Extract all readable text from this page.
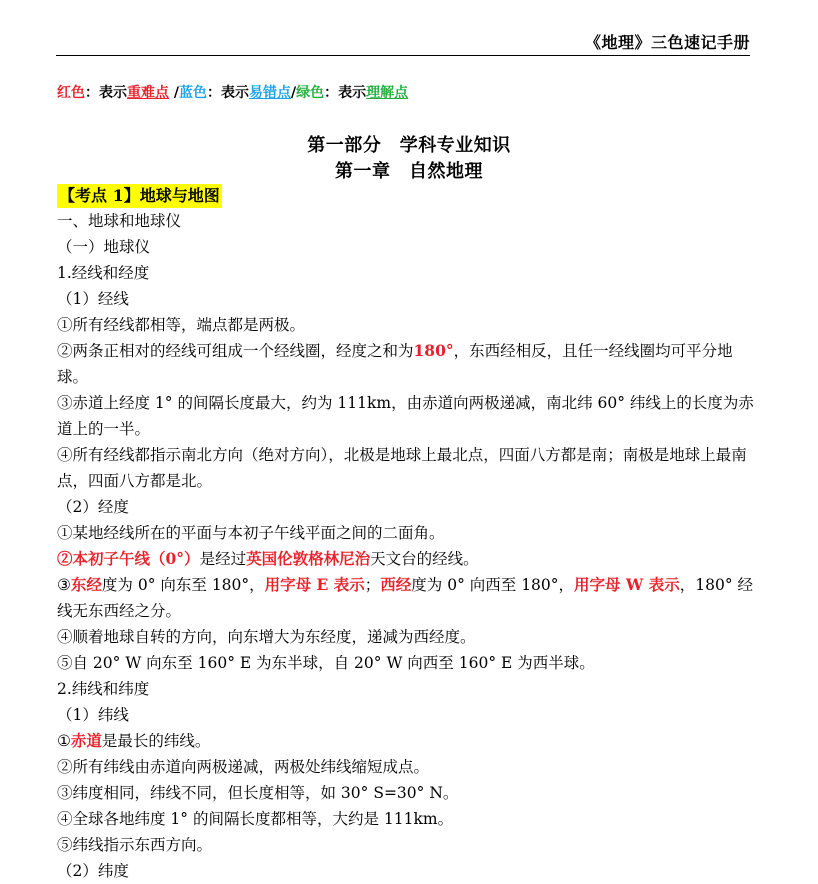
《地理》三色速记手册
红色：表示重难点 /蓝色：表示易错点/绿色：表示理解点
第一部分　学科专业知识
第一章　自然地理
【考点 1】地球与地图

一、地球和地球仪

（一）地球仪

1.经线和经度

（1）经线

①所有经线都相等，端点都是两极。

②两条正相对的经线可组成一个经线圈，经度之和为180°，东西经相反，且任一经线圈均可平分地球。

③赤道上经度 1° 的间隔长度最大，约为 111km，由赤道向两极递减，南北纬 60° 纬线上的长度为赤道上的一半。

④所有经线都指示南北方向（绝对方向），北极是地球上最北点，四面八方都是南；南极是地球上最南点，四面八方都是北。

（2）经度

①某地经线所在的平面与本初子午线平面之间的二面角。

②本初子午线（0°）是经过英国伦敦格林尼治天文台的经线。

③东经度为 0° 向东至 180°，用字母 E 表示；西经度为 0° 向西至 180°，用字母 W 表示，180° 经线无东西经之分。

④顺着地球自转的方向，向东增大为东经度，递减为西经度。

⑤自 20° W 向东至 160° E 为东半球，自 20° W 向西至 160° E 为西半球。

2.纬线和纬度

（1）纬线

①赤道是最长的纬线。

②所有纬线由赤道向两极递减，两极处纬线缩短成点。

③纬度相同，纬线不同，但长度相等，如 30° S=30° N。

④全球各地纬度 1° 的间隔长度都相等，大约是 111km。

⑤纬线指示东西方向。

（2）纬度
